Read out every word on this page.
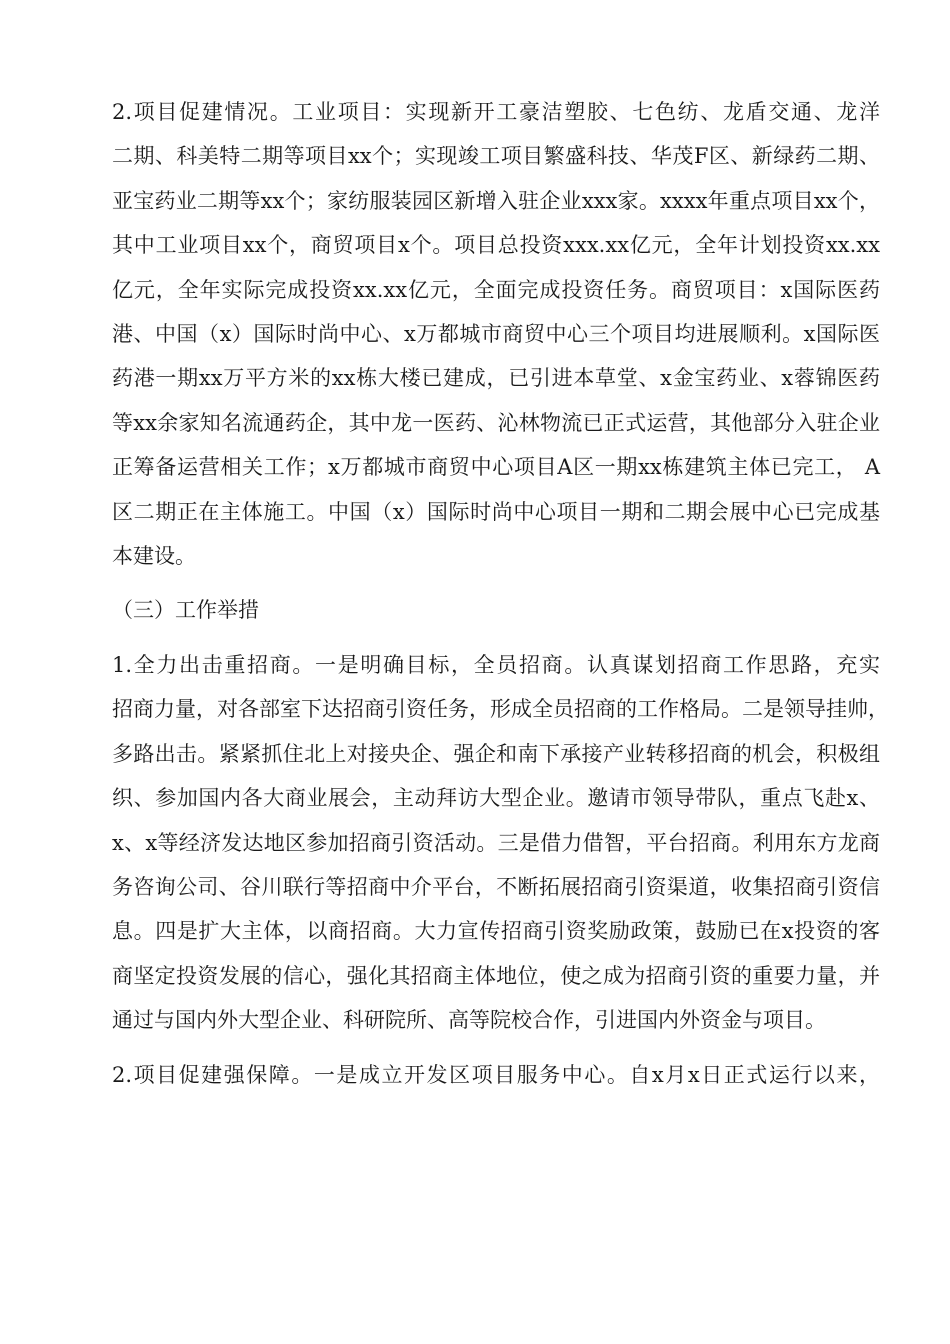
2.项目促建情况。工业项目：实现新开工豪洁塑胶、七色纺、龙盾交通、龙洋
二期、科美特二期等项目xx个；实现竣工项目繁盛科技、华茂F区、新绿药二期、
亚宝药业二期等xx个；家纺服装园区新增入驻企业xxx家。xxxx年重点项目xx个，
其中工业项目xx个，商贸项目x个。项目总投资xxx.xx亿元，全年计划投资xx.xx
亿元，全年实际完成投资xx.xx亿元，全面完成投资任务。商贸项目：x国际医药
港、中国（x）国际时尚中心、x万都城市商贸中心三个项目均进展顺利。x国际医
药港一期xx万平方米的xx栋大楼已建成，已引进本草堂、x金宝药业、x蓉锦医药
等xx余家知名流通药企，其中龙一医药、沁林物流已正式运营，其他部分入驻企业
正筹备运营相关工作；x万都城市商贸中心项目A区一期xx栋建筑主体已完工， A
区二期正在主体施工。中国（x）国际时尚中心项目一期和二期会展中心已完成基
本建设。
（三）工作举措
1.全力出击重招商。一是明确目标，全员招商。认真谋划招商工作思路，充实
招商力量，对各部室下达招商引资任务，形成全员招商的工作格局。二是领导挂帅，
多路出击。紧紧抓住北上对接央企、强企和南下承接产业转移招商的机会，积极组
织、参加国内各大商业展会，主动拜访大型企业。邀请市领导带队，重点飞赴x、
x、x等经济发达地区参加招商引资活动。三是借力借智，平台招商。利用东方龙商
务咨询公司、谷川联行等招商中介平台，不断拓展招商引资渠道，收集招商引资信
息。四是扩大主体，以商招商。大力宣传招商引资奖励政策，鼓励已在x投资的客
商坚定投资发展的信心，强化其招商主体地位，使之成为招商引资的重要力量，并
通过与国内外大型企业、科研院所、高等院校合作，引进国内外资金与项目。
2.项目促建强保障。一是成立开发区项目服务中心。自x月x日正式运行以来，
